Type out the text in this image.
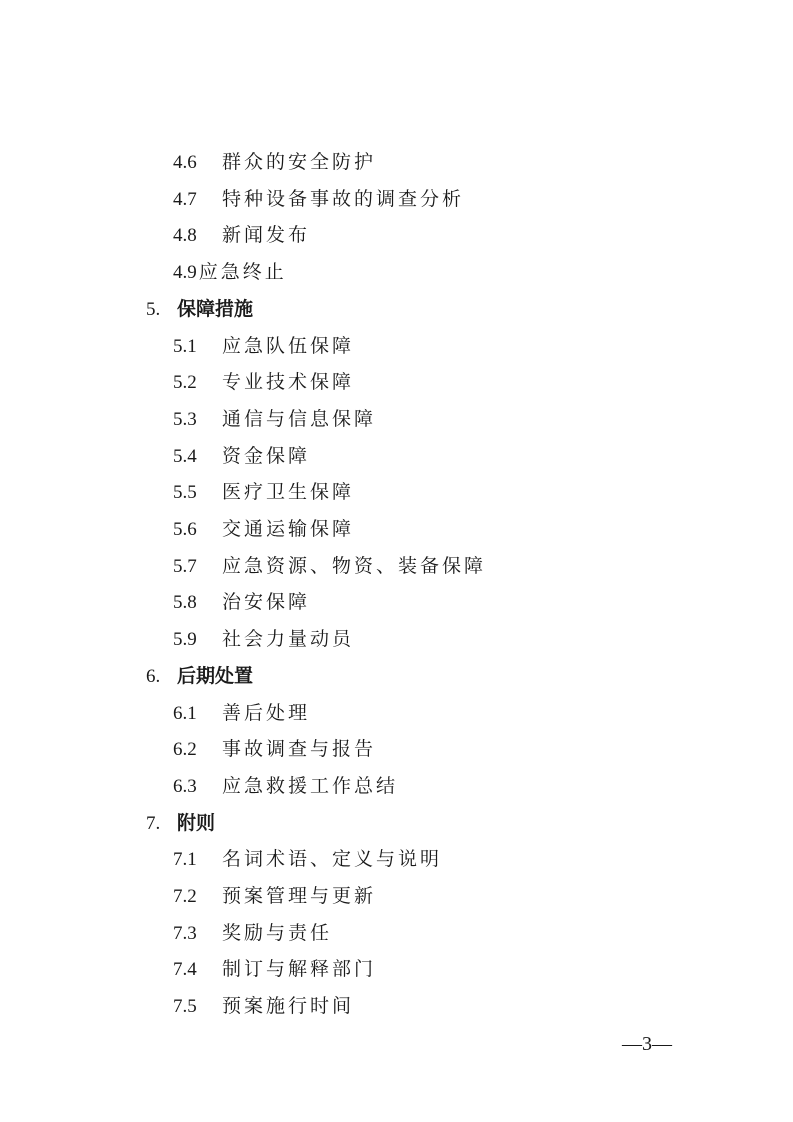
4.6 群众的安全防护
4.7 特种设备事故的调查分析
4.8 新闻发布
4.9 应急终止
5. 保障措施
5.1 应急队伍保障
5.2 专业技术保障
5.3 通信与信息保障
5.4 资金保障
5.5 医疗卫生保障
5.6 交通运输保障
5.7 应急资源、物资、装备保障
5.8 治安保障
5.9 社会力量动员
6. 后期处置
6.1 善后处理
6.2 事故调查与报告
6.3 应急救援工作总结
7. 附则
7.1 名词术语、定义与说明
7.2 预案管理与更新
7.3 奖励与责任
7.4 制订与解释部门
7.5 预案施行时间
—3—
